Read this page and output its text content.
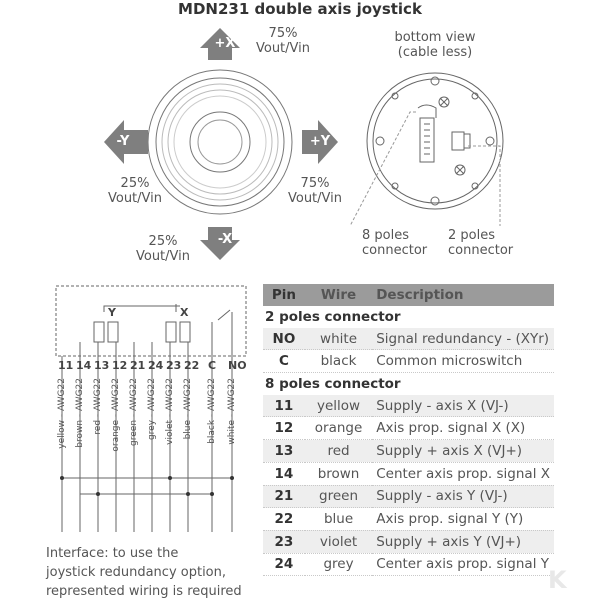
MDN231 double axis joystick
+X
-X
-Y	+Y
75%
Vout/Vin
25%
Vout/Vin
75%
Vout/Vin
25%
Vout/Vin
bottom view
(cable less)
8 poles
connector
2 poles
connector
Y	X
11 14 13 12 21 24 23 22 C NO
yellow - AWG22 brown - AWG22 red - AWG22 orange - AWG22 green - AWG22 grey - AWG22 violet - AWG22 blue - AWG22 black - AWG22 white - AWG22
Interface: to use the
joystick redundancy option,
represented wiring is required
Pin	Wire	Description
2 poles connector		
NO	white	Signal redundancy - (XYr)
C	black	Common microswitch
8 poles connector		
11	yellow	Supply - axis X (VJ-)
12	orange	Axis prop. signal X (X)
13	red	Supply + axis X (VJ+)
14	brown	Center axis prop. signal X
21	green	Supply - axis Y (VJ-)
22	blue	Axis prop. signal Y (Y)
23	violet	Supply + axis Y (VJ+)
24	grey	Center axis prop. signal Y
K
